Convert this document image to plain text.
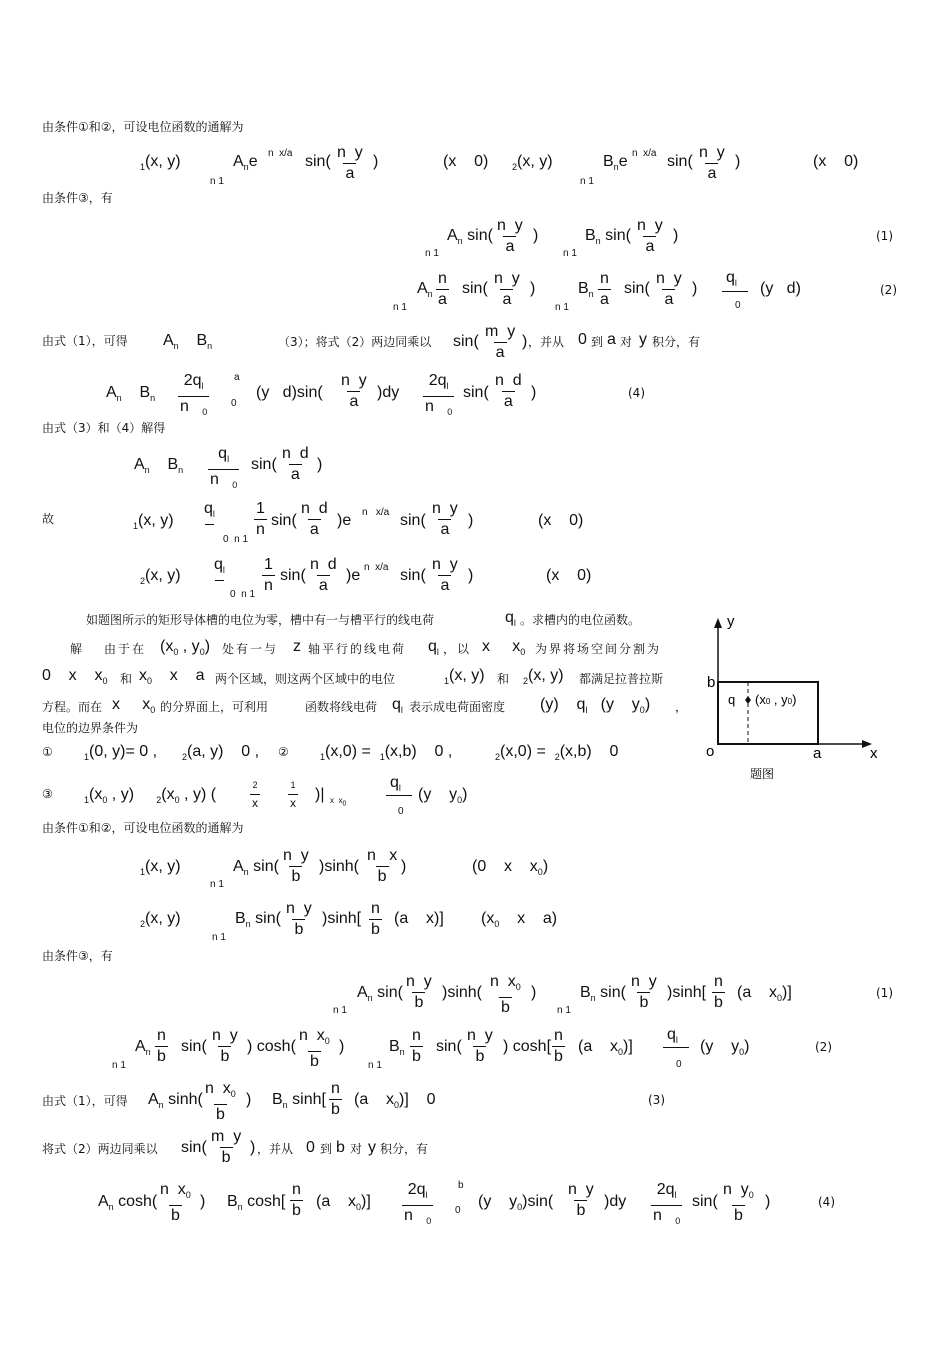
由条件①和②，可设电位函数的通解为
$_1$(x, y)	$A_ne$ n  x/a
n 1
$\sin( \frac{\text{n  y}}{a}$ )	(x    0)	$_2$(x, y)
n 1
$B_ne$ n  x/a $\sin( \frac{\text{n  y}}{a}$ )	(x    0)
由条件③，有
n 1
$A_n$ $\sin( \frac{\text{n  y}}{a}$ )
n 1
$B_n$ $\sin( \frac{\text{n  y}}{a}$ )	(1)
n 1
$A_n \frac{n}{a} \sin( \frac{\text{n  y}}{a}$ )
n 1
$B_n \frac{n}{a} \sin( \frac{\text{n  y}}{a}$ )
$q_l$
0
(y   d)	(2)
由式（1），可得 $A_n$    $B_n$	（3）；将式（2）两边同乘以 $\sin( \frac{\text{m  y}}{a}$ ) ，并从 0 到 a 对 y 积分，有
$A_n$    $B_n \frac{2q_l}{n _0}$ a
0
(y   $d)\sin( \frac{\text{n  y}}{a} )dy \frac{2q_l}{n _0} \sin( \frac{\text{n  d}}{a}$ )	(4)
由式（3）和（4）解得
$A_n$    $B_n \frac{q_l}{n _0} \sin( \frac{\text{n  d}}{a}$ )
故
$_1$(x, y)
$q_l$

0  n $1 \frac{1}{n} \sin( \frac{\text{n  d}}{a} )e$ n   x/a $\sin( \frac{\text{n  y}}{a}$ )	(x    0)
$_2$(x, y)
$q_l$

0  n $1 \frac{1}{n} \sin( \frac{\text{n  d}}{a} )e$ n  x/a $\sin( \frac{\text{n  y}}{a}$ )	(x    0)
如题图所示的矩形导体槽的电位为零，槽中有一与槽平行的线电荷	$q_l$ 。求槽内的电位函数。
解 由于在 ($x_0$ , $y_0$) 处有一与 z 轴平行的线电荷 $q_l$ ，以 x     $x_0$ 为界将场空间分割为
0    x    $x_0$ 和 $x_0$    x    a 两个区域，则这两个区域中的电位	$_1$(x, y) 和 $_2$(x, y) 都满足拉普拉斯
方程。而在 x     $x_0$ 的分界面上，可利用	函数将线电荷 $q_l$ 表示成电荷面密度 (y)    $q_l$   (y    $y_0$) ，
电位的边界条件为
①	$_1$(0, y)= 0 ,	$_2$(a, y)    0 , ②	$_1$(x,0) =  $_1$(x,b)    0 ,	$_2$(x,0) =  $_2$(x,b)    0
③	$_1(x_0$ , y)     $_2(x_0$ , y) (
2
x
1
x )| x  $x_0$
$q_l$
0
(y    $y_0$)
q (x0 , y0)
y
x
o	a
b
题图
由条件①和②，可设电位函数的通解为
$_1$(x, y)
n 1
$A_n$ $\sin( \frac{\text{n  y}}{b} )\sinh( \frac{\text{n   x}}{b}$ )	(0    x    $x_0$)
$_2$(x, y)
n 1
$B_n$ $\sin( \frac{\text{n  y}}{b} )\sinh[ \frac{n}{b} (a$    x)] ($x_0$    x    a)
由条件③，有
n 1
$A_n$ $\sin( \frac{\text{n  y}}{b} )\sinh( \frac{n x_0}{b}$ )
n 1
$B_n$ $\sin( \frac{\text{n  y}}{b} )\sinh[ \frac{n}{b} (a$    $x_0$)]	(1)
n 1
$A_n \frac{n}{b} \sin( \frac{\text{n  y}}{b}$ ) $\cosh( \frac{n x_0}{b}$ )
n 1
$B_n \frac{n}{b} \sin( \frac{\text{n  y}}{b}$ ) $\cosh[ \frac{n}{b} (a$    $x_0$)]
$q_l$
0
(y    $y_0$)	(2)
由式（1），可得 $A_n$ $\sinh( \frac{n x_0}{b}$ ) $B_n$ $\sinh[ \frac{n}{b} (a$    $x_0$)]    0	(3)
将式（2）两边同乘以 $\sin( \frac{\text{m  y}}{b}$ ) ，并从 0 到 b 对 y 积分，有
$A_n$ $\cosh( \frac{n x_0}{b}$ ) $B_n$ $\cosh[ \frac{n}{b} (a$    $x_0)] \frac{2q_l}{n _0}$ b
0
(y    $y_0)\sin( \frac{\text{n  y}}{b} )dy \frac{2q_l}{n _0} \sin( \frac{n y_0}{b}$ )	(4)
